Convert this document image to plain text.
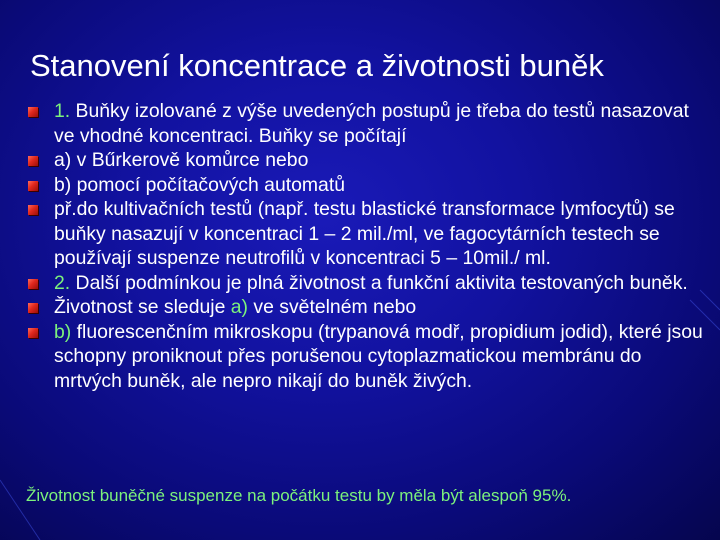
Stanovení koncentrace a životnosti buněk
1. Buňky izolované z výše uvedených postupů je třeba do testů nasazovat ve vhodné koncentraci. Buňky se počítají
a) v Bűrkerově komůrce nebo
b) pomocí počítačových automatů
př.do kultivačních testů (např. testu blastické transformace lymfocytů) se buňky nasazují v koncentraci 1 – 2 mil./ml, ve fagocytárních testech se používají suspenze neutrofilů v koncentraci 5 – 10mil./ ml.
2. Další podmínkou je plná životnost a funkční aktivita testovaných buněk.
Životnost se sleduje a) ve světelném nebo
b) fluorescenčním mikroskopu (trypanová modř, propidium jodid), které jsou schopny proniknout přes porušenou cytoplazmatickou membránu do mrtvých buněk, ale nepro nikají do buněk živých.
Životnost buněčné suspenze na počátku testu by měla být alespoň 95%.
